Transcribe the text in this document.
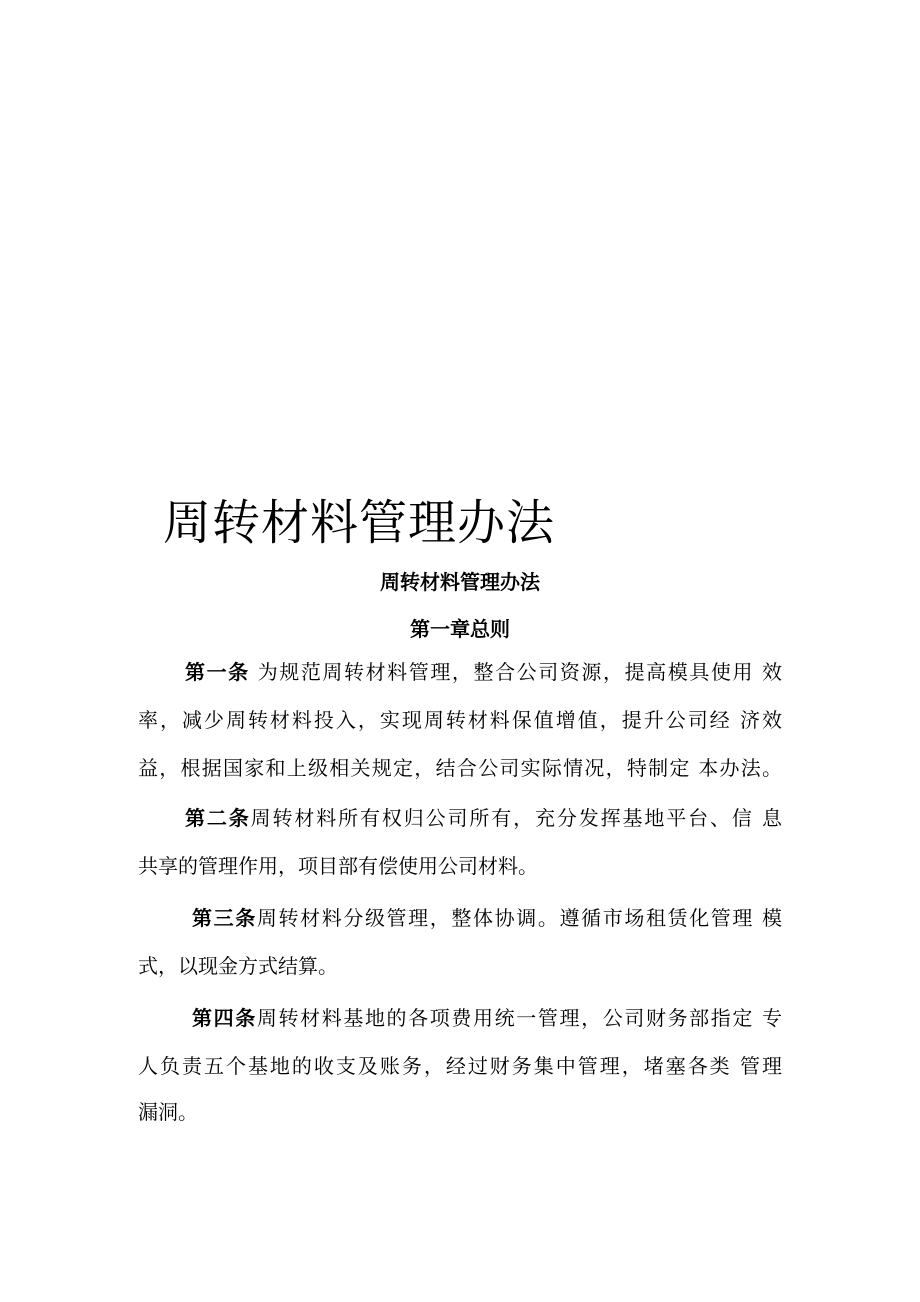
周转材料管理办法
周转材料管理办法
第一章总则
第一条 为规范周转材料管理，整合公司资源，提高模具使用 效
率，减少周转材料投入，实现周转材料保值增值，提升公司经 济效
益，根据国家和上级相关规定，结合公司实际情况，特制定 本办法。
第二条周转材料所有权归公司所有，充分发挥基地平台、信 息
共享的管理作用，项目部有偿使用公司材料。
第三条周转材料分级管理，整体协调。遵循市场租赁化管理 模
式，以现金方式结算。
第四条周转材料基地的各项费用统一管理，公司财务部指定 专
人负责五个基地的收支及账务，经过财务集中管理，堵塞各类 管理
漏洞。
